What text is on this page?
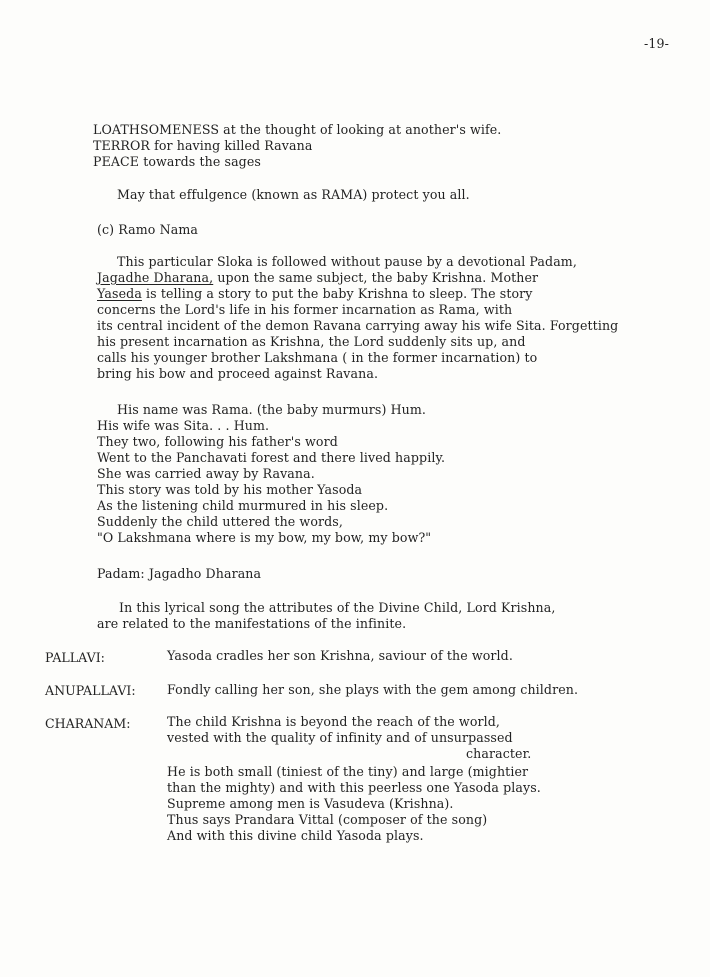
-19-
LOATHSOMENESS at the thought of looking at another's wife.
TERROR for having killed Ravana
PEACE towards the sages
May that effulgence (known as RAMA) protect you all.
(c) Ramo Nama
This particular Sloka is followed without pause by a devotional Padam,
Jagadhe Dharana, upon the same subject, the baby Krishna. Mother
Yaseda is telling a story to put the baby Krishna to sleep. The story
concerns the Lord's life in his former incarnation as Rama, with
its central incident of the demon Ravana carrying away his wife Sita. Forgetting
his present incarnation as Krishna, the Lord suddenly sits up, and
calls his younger brother Lakshmana ( in the former incarnation) to
bring his bow and proceed against Ravana.
His name was Rama. (the baby murmurs) Hum.
His wife was Sita. . . Hum.
They two, following his father's word
Went to the Panchavati forest and there lived happily.
She was carried away by Ravana.
This story was told by his mother Yasoda
As the listening child murmured in his sleep.
Suddenly the child uttered the words,
"O Lakshmana where is my bow, my bow, my bow?"
Padam: Jagadho Dharana
In this lyrical song the attributes of the Divine Child, Lord Krishna,
are related to the manifestations of the infinite.
PALLAVI:	Yasoda cradles her son Krishna, saviour of the world.
ANUPALLAVI: Fondly calling her son, she plays with the gem among children.
CHARANAM:	The child Krishna is beyond the reach of the world,
vested with the quality of infinity and of unsurpassed
character.
He is both small (tiniest of the tiny) and large (mightier
than the mighty) and with this peerless one Yasoda plays.
Supreme among men is Vasudeva (Krishna).
Thus says Prandara Vittal (composer of the song)
And with this divine child Yasoda plays.
